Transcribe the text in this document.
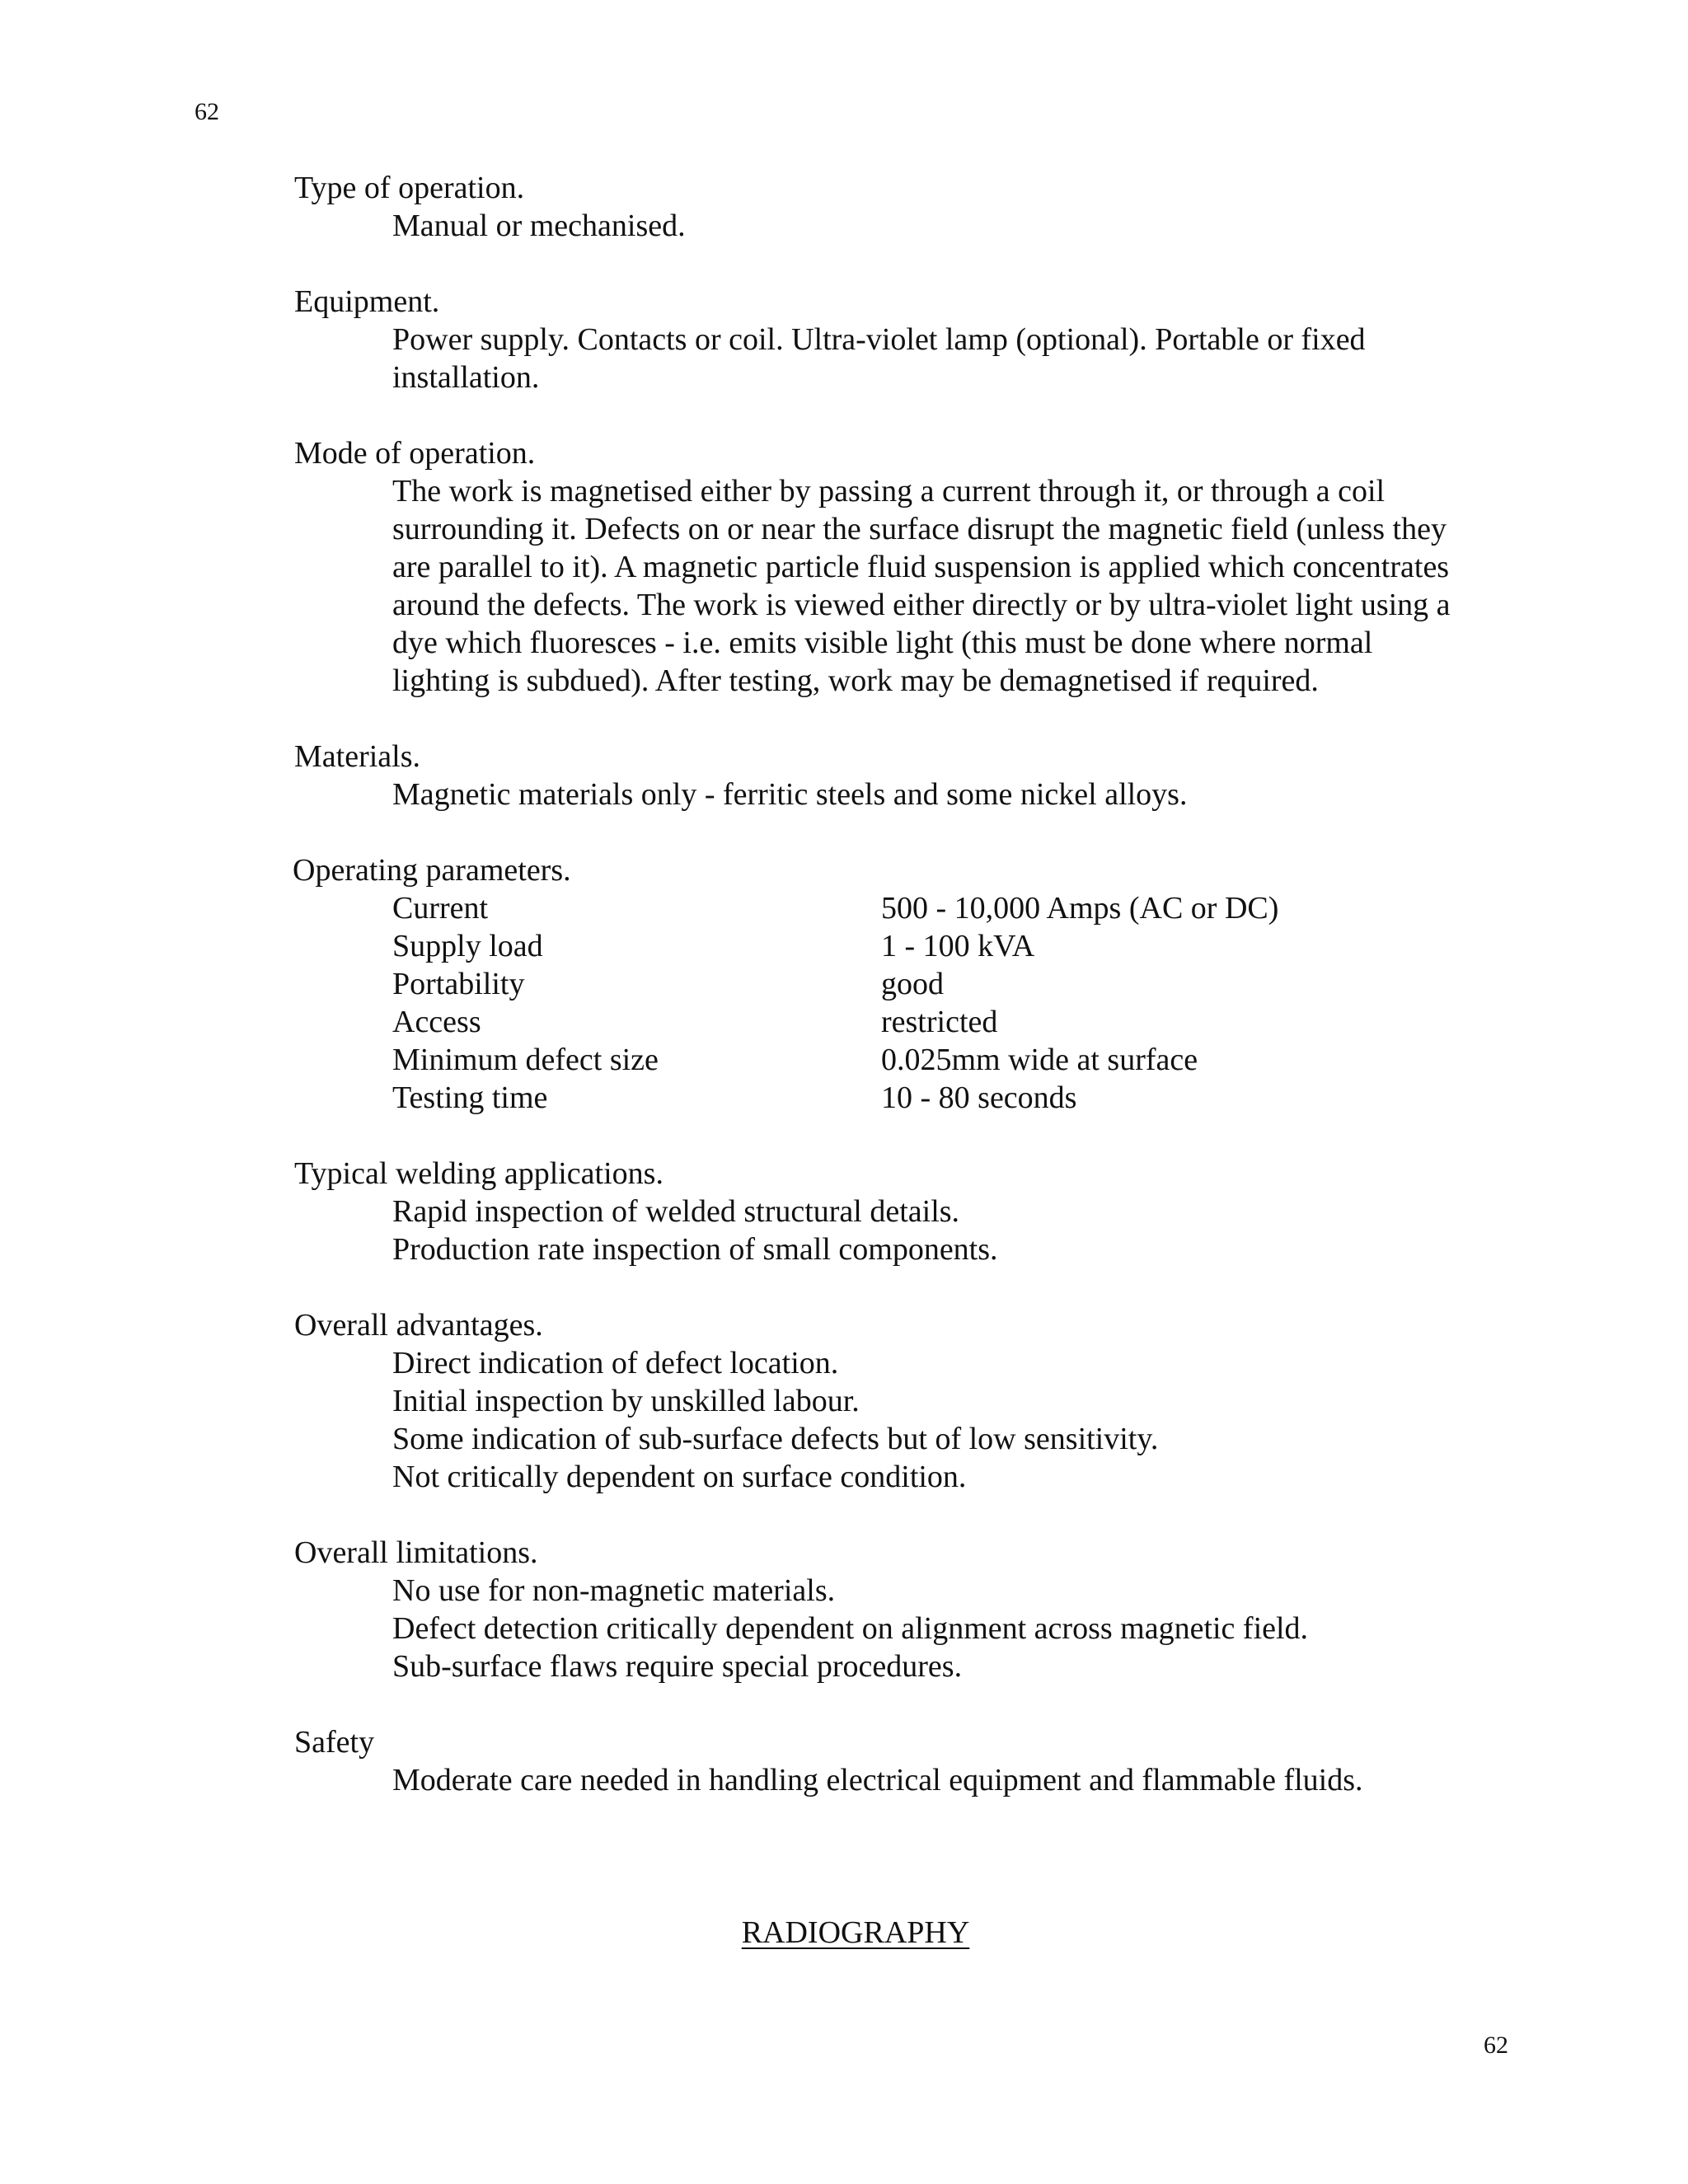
62
Type of operation.
Manual or mechanised.
Equipment.
Power supply. Contacts or coil. Ultra-violet lamp (optional). Portable or fixed
installation.
Mode of operation.
The work is magnetised either by passing a current through it, or through a coil
surrounding it. Defects on or near the surface disrupt the magnetic field (unless they
are parallel to it). A magnetic particle fluid suspension is applied which concentrates
around the defects. The work is viewed either directly or by ultra-violet light using a
dye which fluoresces - i.e. emits visible light (this must be done where normal
lighting is subdued). After testing, work may be demagnetised if required.
Materials.
Magnetic materials only - ferritic steels and some nickel alloys.
Operating parameters.
Current	500 - 10,000 Amps (AC or DC)
Supply load	1 - 100 kVA
Portability	good
Access	restricted
Minimum defect size	0.025mm wide at surface
Testing time	10 - 80 seconds
Typical welding applications.
Rapid inspection of welded structural details.
Production rate inspection of small components.
Overall advantages.
Direct indication of defect location.
Initial inspection by unskilled labour.
Some indication of sub-surface defects but of low sensitivity.
Not critically dependent on surface condition.
Overall limitations.
No use for non-magnetic materials.
Defect detection critically dependent on alignment across magnetic field.
Sub-surface flaws require special procedures.
Safety
Moderate care needed in handling electrical equipment and flammable fluids.
RADIOGRAPHY
62
